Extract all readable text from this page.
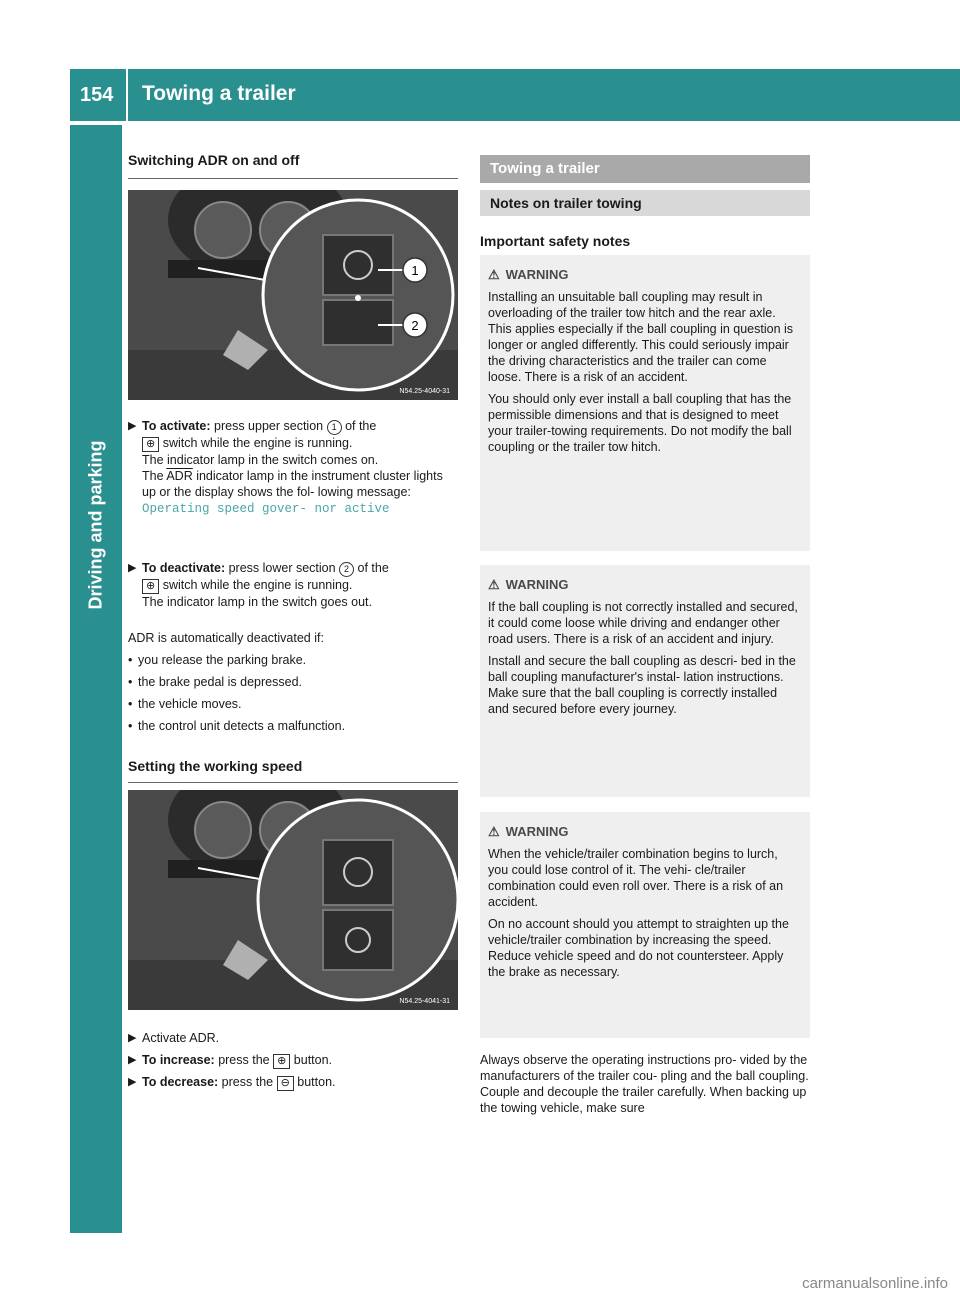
154 Towing a trailer
Driving and parking
Switching ADR on and off
1
2
N54.25-4040-31
▶ To activate: press upper section 1 of the
⊕ switch while the engine is running.
The indicator lamp in the switch comes on.
The $\overline{ADR}$ indicator lamp in the instrument cluster lights up or the display shows the fol- lowing message: Operating speed gover- nor active
▶ To deactivate: press lower section 2 of the
⊕ switch while the engine is running.
The indicator lamp in the switch goes out.
ADR is automatically deactivated if:
• you release the parking brake.
• the brake pedal is depressed.
• the vehicle moves.
• the control unit detects a malfunction.
Setting the working speed
N54.25-4041-31
▶ Activate ADR.
▶ To increase: press the ⊕ button.
▶ To decrease: press the ⊖ button.
Towing a trailer
Notes on trailer towing
Important safety notes
⚠ WARNING

Installing an unsuitable ball coupling may result in overloading of the trailer tow hitch and the rear axle. This applies especially if the ball coupling in question is longer or angled differently. This could seriously impair the driving characteristics and the trailer can come loose. There is a risk of an accident.

You should only ever install a ball coupling that has the permissible dimensions and that is designed to meet your trailer-towing requirements. Do not modify the ball coupling or the trailer tow hitch.

⚠ WARNING

If the ball coupling is not correctly installed and secured, it could come loose while driving and endanger other road users. There is a risk of an accident and injury.

Install and secure the ball coupling as descri- bed in the ball coupling manufacturer's instal- lation instructions. Make sure that the ball coupling is correctly installed and secured before every journey.

⚠ WARNING

When the vehicle/trailer combination begins to lurch, you could lose control of it. The vehi- cle/trailer combination could even roll over. There is a risk of an accident.

On no account should you attempt to straighten up the vehicle/trailer combination by increasing the speed. Reduce vehicle speed and do not countersteer. Apply the brake as necessary.

Always observe the operating instructions pro- vided by the manufacturers of the trailer cou- pling and the ball coupling.
Couple and decouple the trailer carefully. When backing up the towing vehicle, make sure
carmanualsonline.info
